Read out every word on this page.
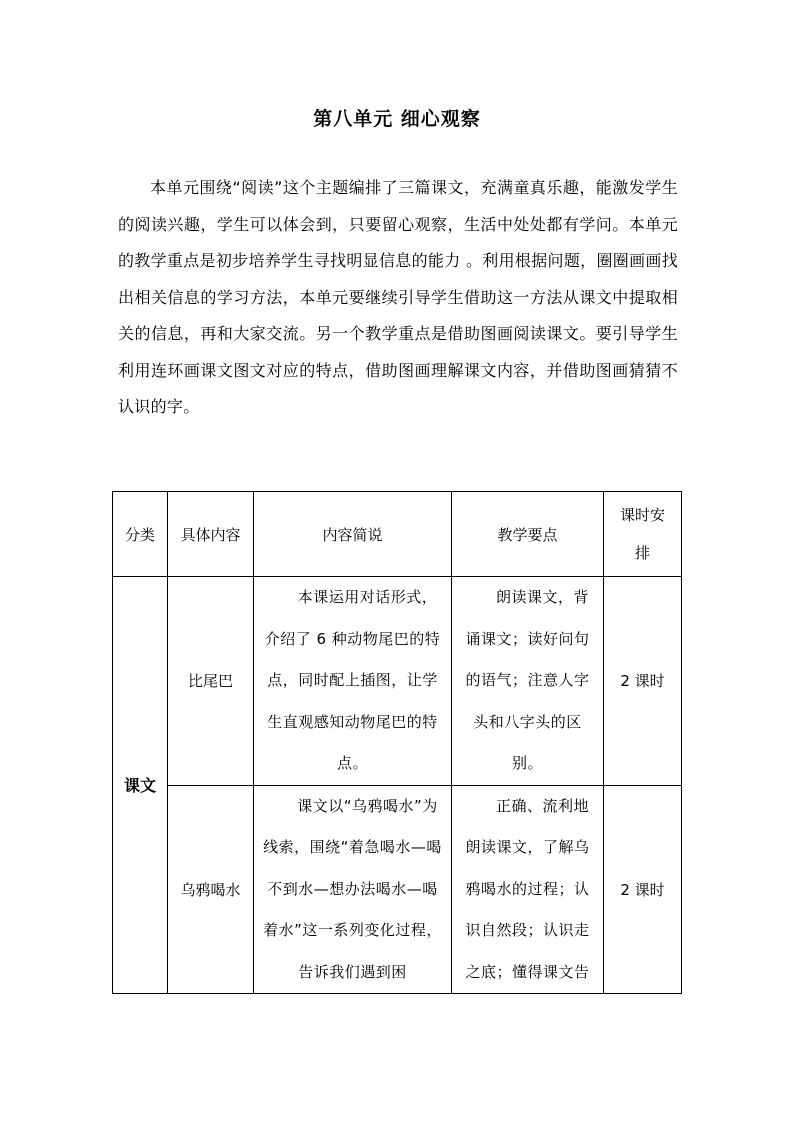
第八单元 细心观察

本单元围绕“阅读”这个主题编排了三篇课文，充满童真乐趣，能激发学生的阅读兴趣，学生可以体会到，只要留心观察，生活中处处都有学问。本单元的教学重点是初步培养学生寻找明显信息的能力 。利用根据问题，圈圈画画找出相关信息的学习方法，本单元要继续引导学生借助这一方法从课文中提取相关的信息，再和大家交流。另一个教学重点是借助图画阅读课文。要引导学生利用连环画课文图文对应的特点，借助图画理解课文内容，并借助图画猜猜不认识的字。

分类	具体内容	内容简说	教学要点	课时安排
课文	比尾巴	本课运用对话形式，介绍了 6 种动物尾巴的特点，同时配上插图，让学生直观感知动物尾巴的特点。	朗读课文，背诵课文；读好问句的语气；注意人字头和八字头的区别。	2 课时
	乌鸦喝水	课文以“乌鸦喝水”为线索，围绕“着急喝水—喝不到水—想办法喝水—喝着水”这一系列变化过程，告诉我们遇到困	正确、流利地朗读课文，了解乌鸦喝水的过程；认识自然段；认识走之底；懂得课文告	2 课时
